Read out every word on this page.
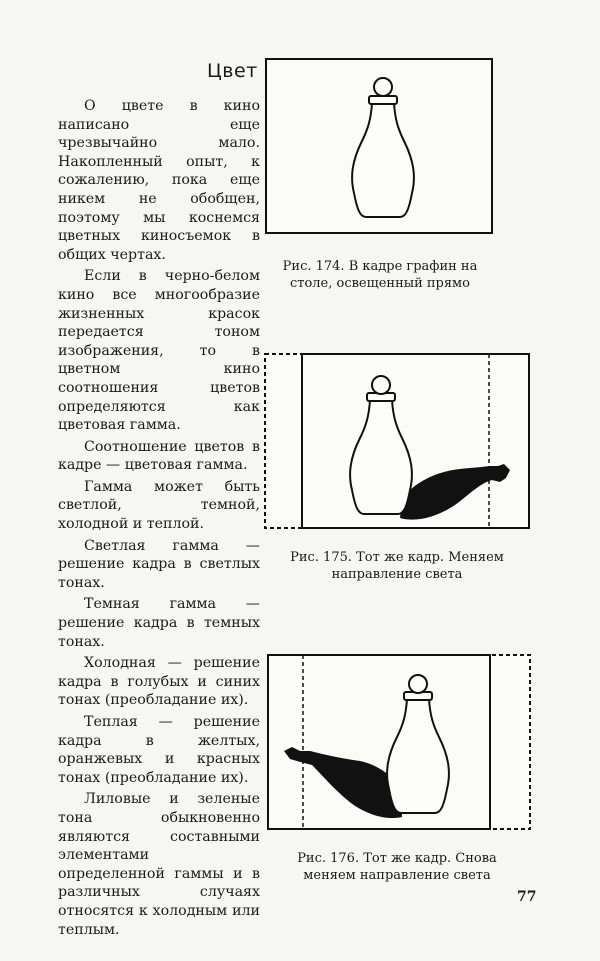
Цвет

О цвете в кино написано еще чрезвычайно мало. Накопленный опыт, к сожалению, пока еще никем не обобщен, поэтому мы коснемся цветных киносъемок в общих чертах.

Если в черно-белом кино все многообразие жизненных красок передается тоном изображения, то в цветном кино соотношения цветов определяются как цветовая гамма.

Соотношение цветов в кадре — цветовая гамма.

Гамма может быть светлой, темной, холодной и теплой.

Светлая гамма — решение кадра в светлых тонах.

Темная гамма — решение кадра в темных тонах.

Холодная — решение кадра в голубых и синих тонах (преобладание их).

Теплая — решение кадра в желтых, оранжевых и красных тонах (преобладание их).

Лиловые и зеленые тона обыкновенно являются составными элементами определенной гаммы и в различных случаях относятся к холодным или теплым.

Рис. 174. В кадре графин на
столе, освещенный прямо
Рис. 175. Тот же кадр. Меняем
направление света
Рис. 176. Тот же кадр. Снова
меняем направление света
77
